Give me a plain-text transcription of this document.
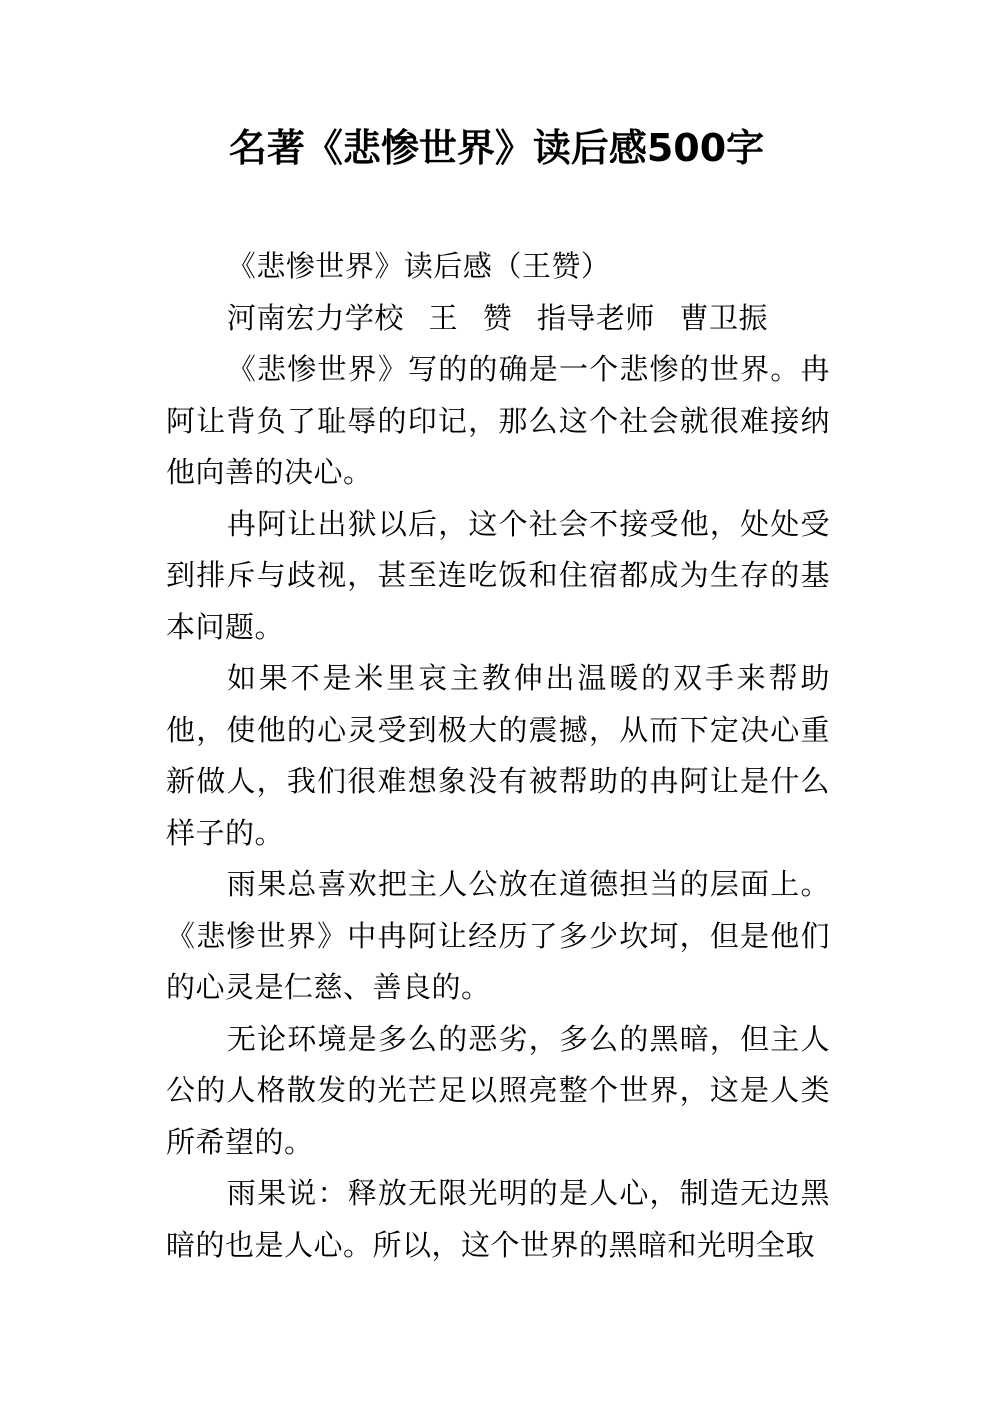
名著《悲惨世界》读后感500字

《悲惨世界》读后感（王赞）

河南宏力学校 王 赞 指导老师 曹卫振

《悲惨世界》写的的确是一个悲惨的世界。冉阿让背负了耻辱的印记，那么这个社会就很难接纳他向善的决心。

冉阿让出狱以后，这个社会不接受他，处处受到排斥与歧视，甚至连吃饭和住宿都成为生存的基本问题。

如果不是米里哀主教伸出温暖的双手来帮助他，使他的心灵受到极大的震撼，从而下定决心重新做人，我们很难想象没有被帮助的冉阿让是什么样子的。

雨果总喜欢把主人公放在道德担当的层面上。《悲惨世界》中冉阿让经历了多少坎坷，但是他们的心灵是仁慈、善良的。

无论环境是多么的恶劣，多么的黑暗，但主人公的人格散发的光芒足以照亮整个世界，这是人类所希望的。

雨果说：释放无限光明的是人心，制造无边黑暗的也是人心。所以，这个世界的黑暗和光明全取
